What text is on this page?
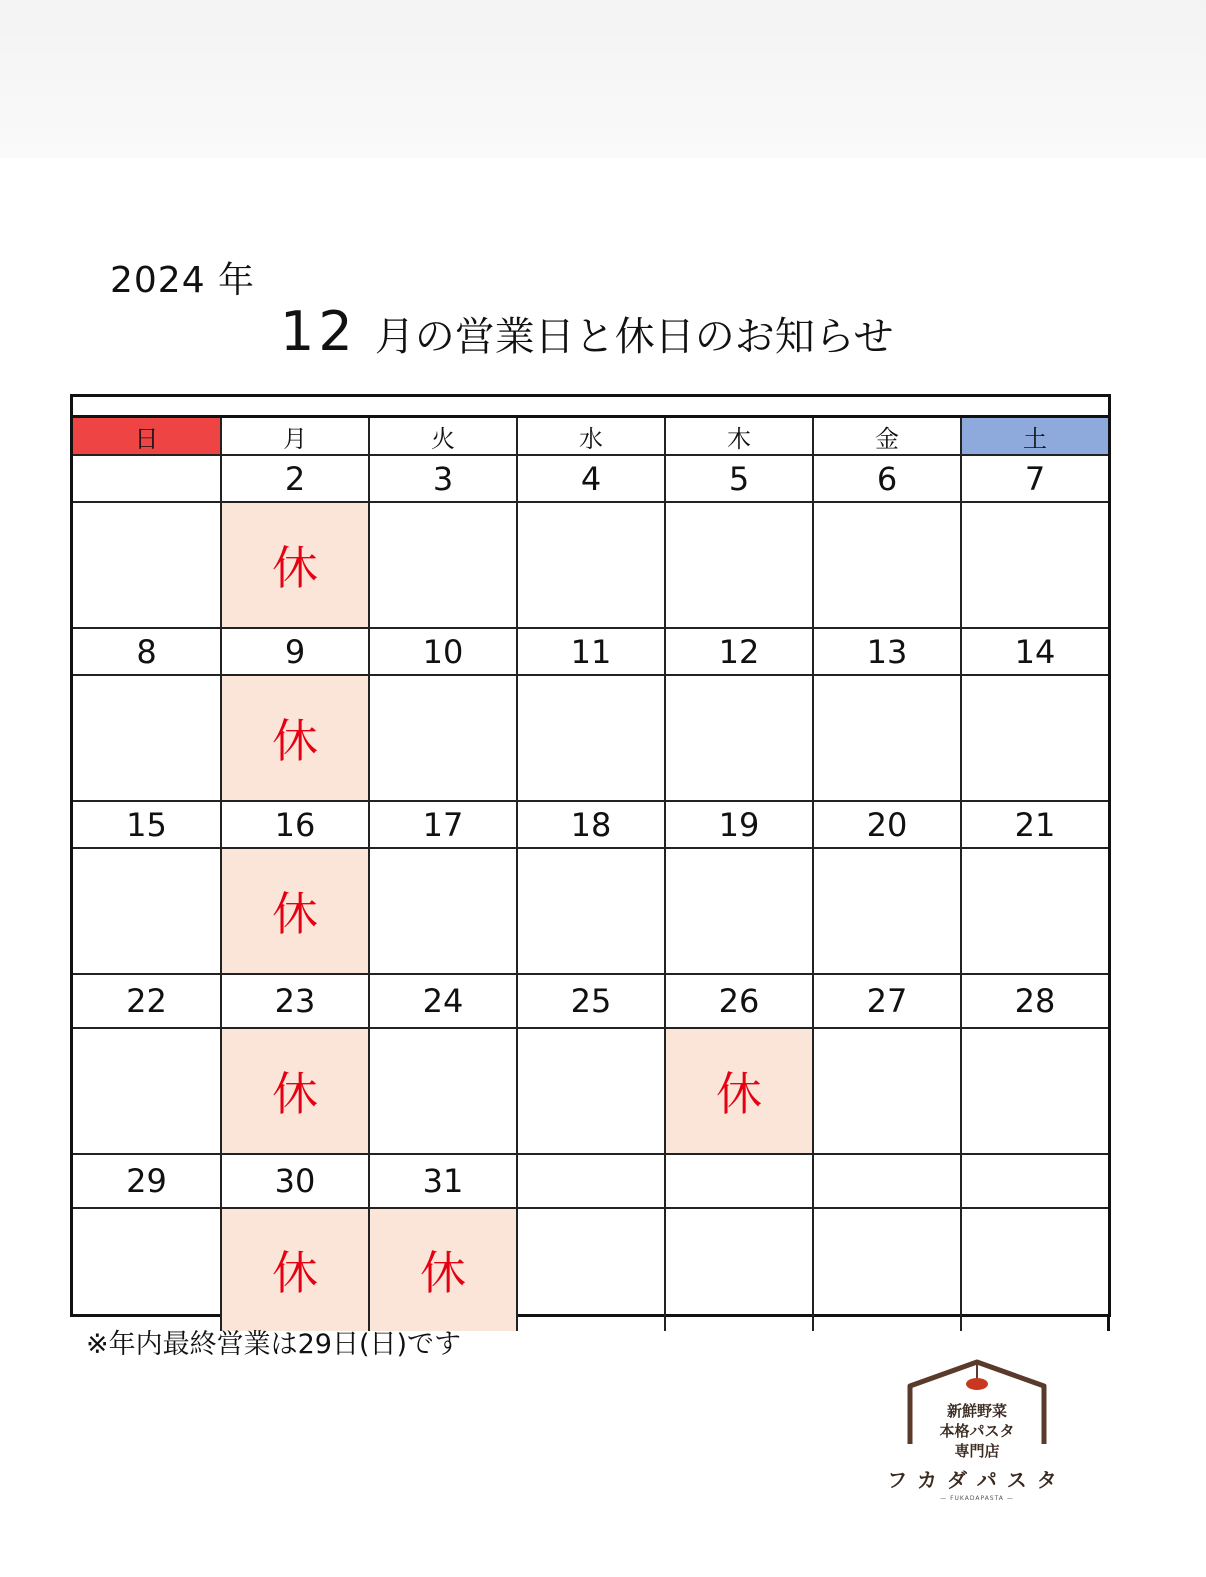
2024 年
12 月の営業日と休日のお知らせ
日	月	火	水	木	金	土
	2	3	4	5	6	7
	休					
8	9	10	11	12	13	14
	休					
15	16	17	18	19	20	21
	休					
22	23	24	25	26	27	28
	休			休		
29	30	31				
	休	休				
※年内最終営業は29日(日)です
新鮮野菜
本格パスタ
専門店
フカダパスタ
— FUKADAPASTA —
